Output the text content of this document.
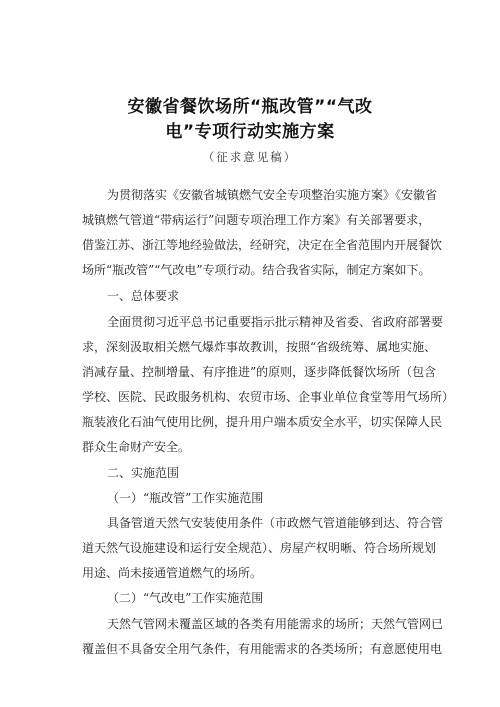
安徽省餐饮场所“瓶改管”“气改
电”专项行动实施方案
（征求意见稿）
为贯彻落实《安徽省城镇燃气安全专项整治实施方案》《安徽省
城镇燃气管道“带病运行”问题专项治理工作方案》有关部署要求，
借鉴江苏、浙江等地经验做法，经研究，决定在全省范围内开展餐饮
场所“瓶改管”“气改电”专项行动。结合我省实际，制定方案如下。
一、总体要求
全面贯彻习近平总书记重要指示批示精神及省委、省政府部署要
求，深刻汲取相关燃气爆炸事故教训，按照“省级统筹、属地实施、
消减存量、控制增量、有序推进”的原则，逐步降低餐饮场所（包含
学校、医院、民政服务机构、农贸市场、企事业单位食堂等用气场所）
瓶装液化石油气使用比例，提升用户端本质安全水平，切实保障人民
群众生命财产安全。
二、实施范围
（一）“瓶改管”工作实施范围
具备管道天然气安装使用条件（市政燃气管道能够到达、符合管
道天然气设施建设和运行安全规范）、房屋产权明晰、符合场所规划
用途、尚未接通管道燃气的场所。
（二）“气改电”工作实施范围
天然气管网未覆盖区域的各类有用能需求的场所；天然气管网已
覆盖但不具备安全用气条件，有用能需求的各类场所；有意愿使用电
